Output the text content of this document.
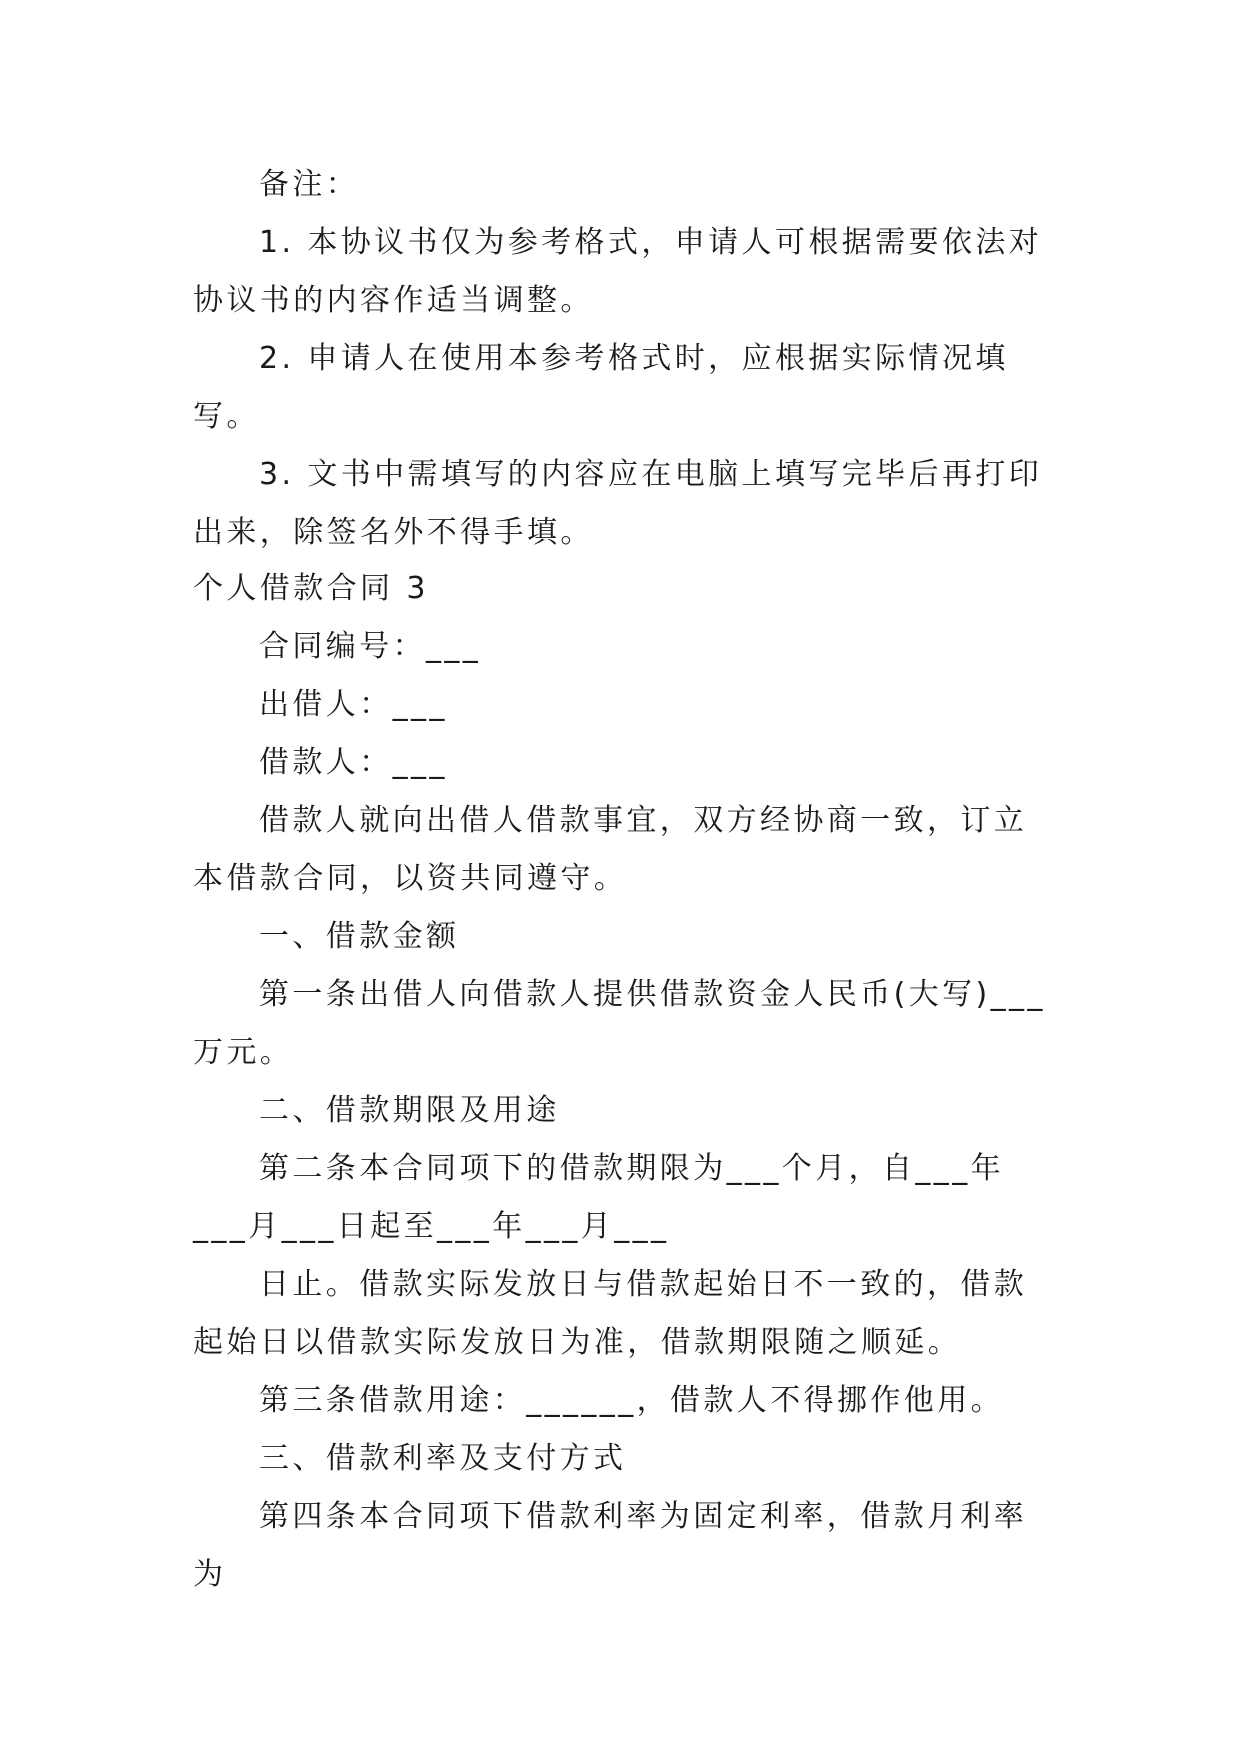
备注：

1. 本协议书仅为参考格式，申请人可根据需要依法对协议书的内容作适当调整。

2. 申请人在使用本参考格式时，应根据实际情况填写。

3. 文书中需填写的内容应在电脑上填写完毕后再打印出来，除签名外不得手填。

个人借款合同 3

合同编号：___

出借人：___

借款人：___

借款人就向出借人借款事宜，双方经协商一致，订立本借款合同，以资共同遵守。

一、借款金额

第一条出借人向借款人提供借款资金人民币(大写)___万元。

二、借款期限及用途

第二条本合同项下的借款期限为___个月，自___年___月___日起至___年___月___

日止。借款实际发放日与借款起始日不一致的，借款起始日以借款实际发放日为准，借款期限随之顺延。

第三条借款用途：______，借款人不得挪作他用。

三、借款利率及支付方式

第四条本合同项下借款利率为固定利率，借款月利率为
